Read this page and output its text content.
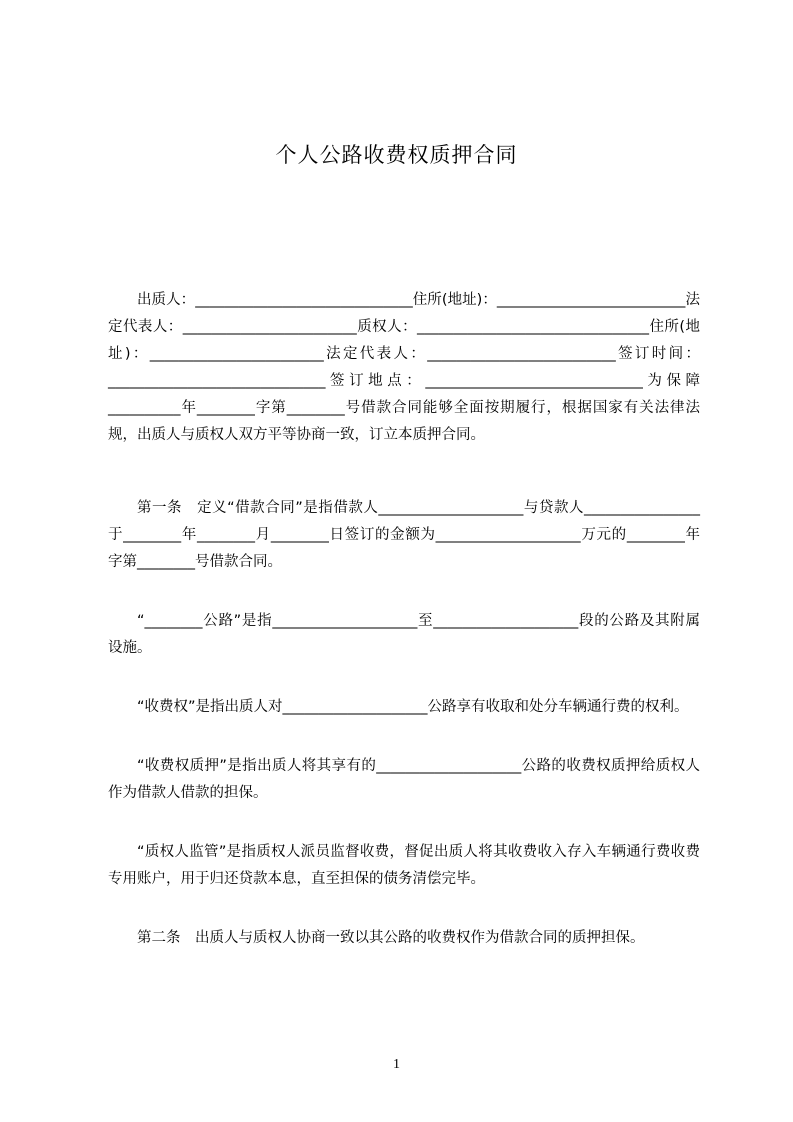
个人公路收费权质押合同

出质人：______________________________住所(地址)：__________________________法定代表人：________________________质权人：________________________________住所(地址)：________________________法定代表人：__________________________签订时间：______________________________签订地点：______________________________为保障__________年________字第________号借款合同能够全面按期履行，根据国家有关法律法规，出质人与质权人双方平等协商一致，订立本质押合同。

第一条　定义“借款合同”是指借款人____________________与贷款人________________于________年________月________日签订的金额为____________________万元的________年字第________号借款合同。

“________公路”是指____________________至____________________段的公路及其附属设施。

“收费权”是指出质人对____________________公路享有收取和处分车辆通行费的权利。

“收费权质押”是指出质人将其享有的____________________公路的收费权质押给质权人作为借款人借款的担保。

“质权人监管”是指质权人派员监督收费，督促出质人将其收费收入存入车辆通行费收费专用账户，用于归还贷款本息，直至担保的债务清偿完毕。

第二条　出质人与质权人协商一致以其公路的收费权作为借款合同的质押担保。

1
